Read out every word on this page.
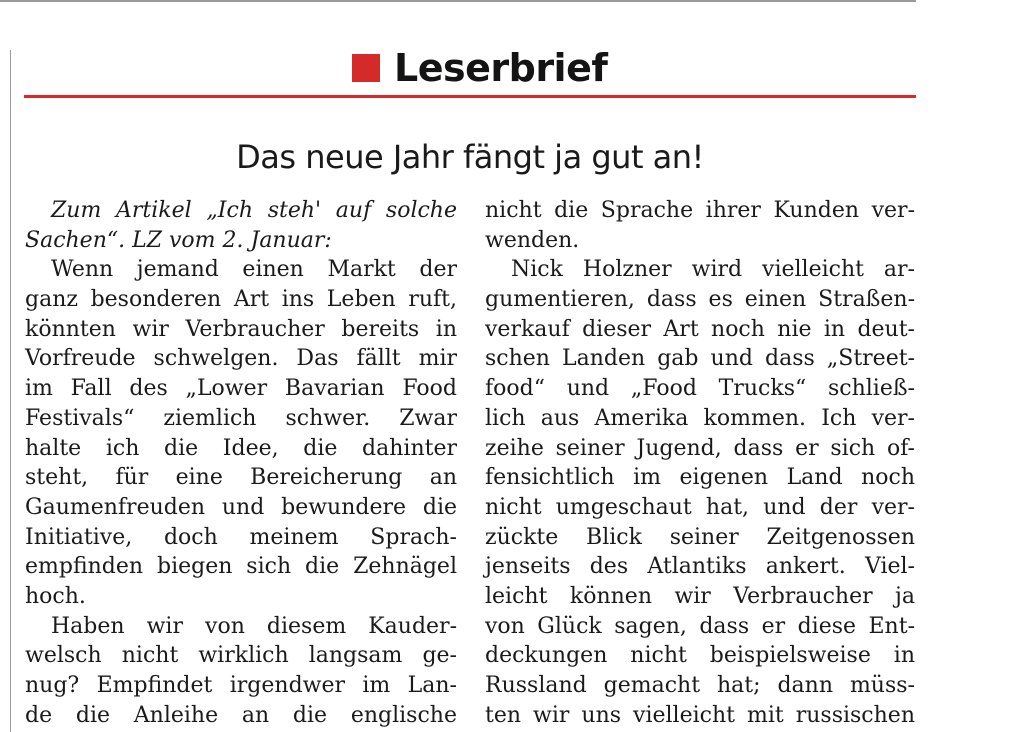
Leserbrief
Das neue Jahr fängt ja gut an!
Zum Artikel „Ich steh' auf solche
Sachen“. LZ vom 2. Januar:
Wenn jemand einen Markt der
ganz besonderen Art ins Leben ruft,
könnten wir Verbraucher bereits in
Vorfreude schwelgen. Das fällt mir
im Fall des „Lower Bavarian Food
Festivals“ ziemlich schwer. Zwar
halte ich die Idee, die dahinter
steht, für eine Bereicherung an
Gaumenfreuden und bewundere die
Initiative, doch meinem Sprach-
empfinden biegen sich die Zehnägel
hoch.
Haben wir von diesem Kauder-
welsch nicht wirklich langsam ge-
nug? Empfindet irgendwer im Lan-
de die Anleihe an die englische
nicht die Sprache ihrer Kunden ver-
wenden.
Nick Holzner wird vielleicht ar-
gumentieren, dass es einen Straßen-
verkauf dieser Art noch nie in deut-
schen Landen gab und dass „Street-
food“ und „Food Trucks“ schließ-
lich aus Amerika kommen. Ich ver-
zeihe seiner Jugend, dass er sich of-
fensichtlich im eigenen Land noch
nicht umgeschaut hat, und der ver-
zückte Blick seiner Zeitgenossen
jenseits des Atlantiks ankert. Viel-
leicht können wir Verbraucher ja
von Glück sagen, dass er diese Ent-
deckungen nicht beispielsweise in
Russland gemacht hat; dann müss-
ten wir uns vielleicht mit russischen
